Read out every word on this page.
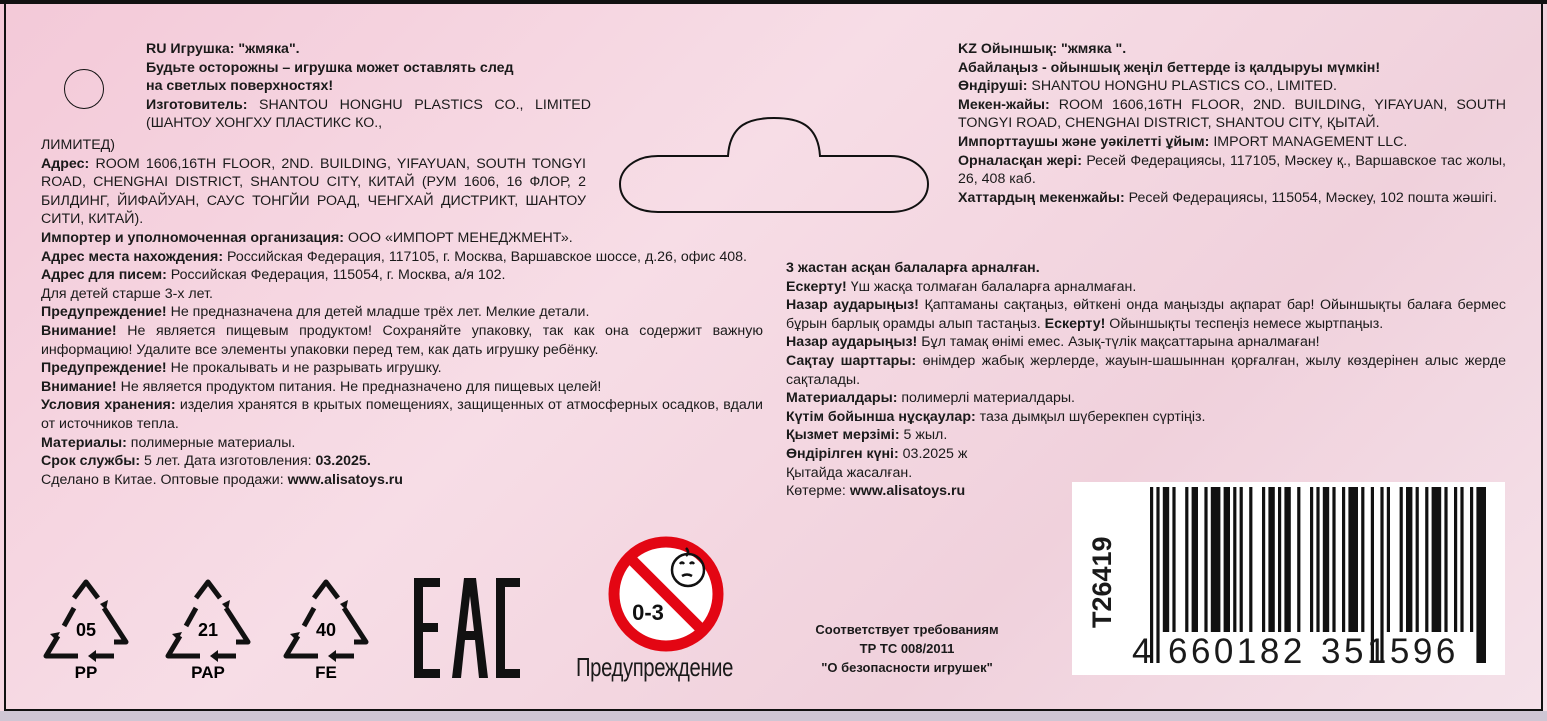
RU Игрушка: "жмяка".

Будьте осторожны – игрушка может оставлять след

на светлых поверхностях!

Изготовитель: SHANTOU HONGHU PLASTICS CO., LIMITED (ШАНТОУ ХОНГХУ ПЛАСТИКС КО.,

ЛИМИТЕД)

Адрес: ROOM 1606,16TH FLOOR, 2ND. BUILDING, YIFAYUAN, SOUTH TONGYI ROAD, CHENGHAI DISTRICT, SHANTOU CITY, КИТАЙ (РУМ 1606, 16 ФЛОР, 2 БИЛДИНГ, ЙИФАЙУАН, САУС ТОНГЙИ РОАД, ЧЕНГХАЙ ДИСТРИКТ, ШАНТОУ СИТИ, КИТАЙ).

Импортер и уполномоченная организация: ООО «ИМПОРТ МЕНЕДЖМЕНТ».

Адрес места нахождения: Российская Федерация, 117105, г. Москва, Варшавское шоссе, д.26, офис 408.

Адрес для писем: Российская Федерация, 115054, г. Москва, а/я 102.

Для детей старше 3-х лет.

Предупреждение! Не предназначена для детей младше трёх лет. Мелкие детали.

Внимание! Не является пищевым продуктом! Сохраняйте упаковку, так как она содержит важную информацию! Удалите все элементы упаковки перед тем, как дать игрушку ребёнку.

Предупреждение! Не прокалывать и не разрывать игрушку.

Внимание! Не является продуктом питания. Не предназначено для пищевых целей!

Условия хранения: изделия хранятся в крытых помещениях, защищенных от атмосферных осадков, вдали от источников тепла.

Материалы: полимерные материалы.

Срок службы: 5 лет. Дата изготовления: 03.2025.

Сделано в Китае. Оптовые продажи: www.alisatoys.ru

KZ Ойыншық: "жмяка ".

Абайлаңыз - ойыншық жеңіл беттерде із қалдыруы мүмкін!

Өндіруші: SHANTOU HONGHU PLASTICS CO., LIMITED.

Мекен-жайы: ROOM 1606,16TH FLOOR, 2ND. BUILDING, YIFAYUAN, SOUTH TONGYI ROAD, CHENGHAI DISTRICT, SHANTOU CITY, ҚЫТАЙ.

Импорттаушы және уәкілетті ұйым: IMPORT MANAGEMENT LLC.

Орналасқан жері: Ресей Федерациясы, 117105, Мәскеу қ., Варшавское тас жолы, 26, 408 каб.

Хаттардың мекенжайы: Ресей Федерациясы, 115054, Мәскеу, 102 пошта жәшігі.

3 жастан асқан балаларға арналған.

Ескерту! Үш жасқа толмаған балаларға арналмаған.

Назар аударыңыз! Қаптаманы сақтаңыз, өйткені онда маңызды ақпарат бар! Ойыншықты балаға бермес бұрын барлық орамды алып тастаңыз. Ескерту! Ойыншықты теспеңіз немесе жыртпаңыз.

Назар аударыңыз! Бұл тамақ өнімі емес. Азық-түлік мақсаттарына арналмаған!

Сақтау шарттары: өнімдер жабық жерлерде, жауын-шашыннан қорғалған, жылу көздерінен алыс жерде сақталады.

Материалдары: полимерлі материалдары.

Күтім бойынша нұсқаулар: таза дымқыл шүберекпен сүртіңіз.

Қызмет мерзімі: 5 жыл.

Өндірілген күні: 03.2025 ж

Қытайда жасалған.

Көтерме: www.alisatoys.ru

05
PP
21
PAP
40
FE
0-3
Предупреждение
Соответствует требованиям
ТР ТС 008/2011
"О безопасности игрушек"	4 660182 351596
T26419
